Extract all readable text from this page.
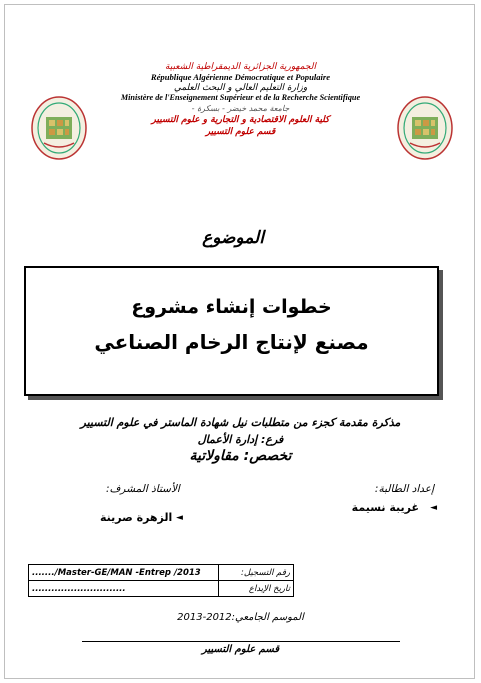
الجمهورية الجزائرية الديمقراطية الشعبية
République Algérienne Démocratique et Populaire
وزارة التعليم العالي و البحث العلمي
Ministère de l'Enseignement Supérieur et de la Recherche Scientifique
جامعة محمد خيضر - بسكرة -
كلية العلوم الاقتصادية و التجارية و علوم التسيير
قسم علوم التسيير
الموضوع
خطوات إنشاء مشروع
مصنع لإنتاج الرخام الصناعي
مذكرة مقدمة كجزء من متطلبات نيل شهادة الماستر في علوم التسيير
فرع: إدارة الأعمال
تخصص: مقاولاتية
إعداد الطالبة:
الأستاذ المشرف:
غريبة نسيمة ◄
الزهرة صرينة ◄
......./Master-GE/MAN -Entrep /2013	رقم التسجيل:
.............................	تاريخ الإيداع
الموسم الجامعي:2012-2013
قسم علوم التسيير
